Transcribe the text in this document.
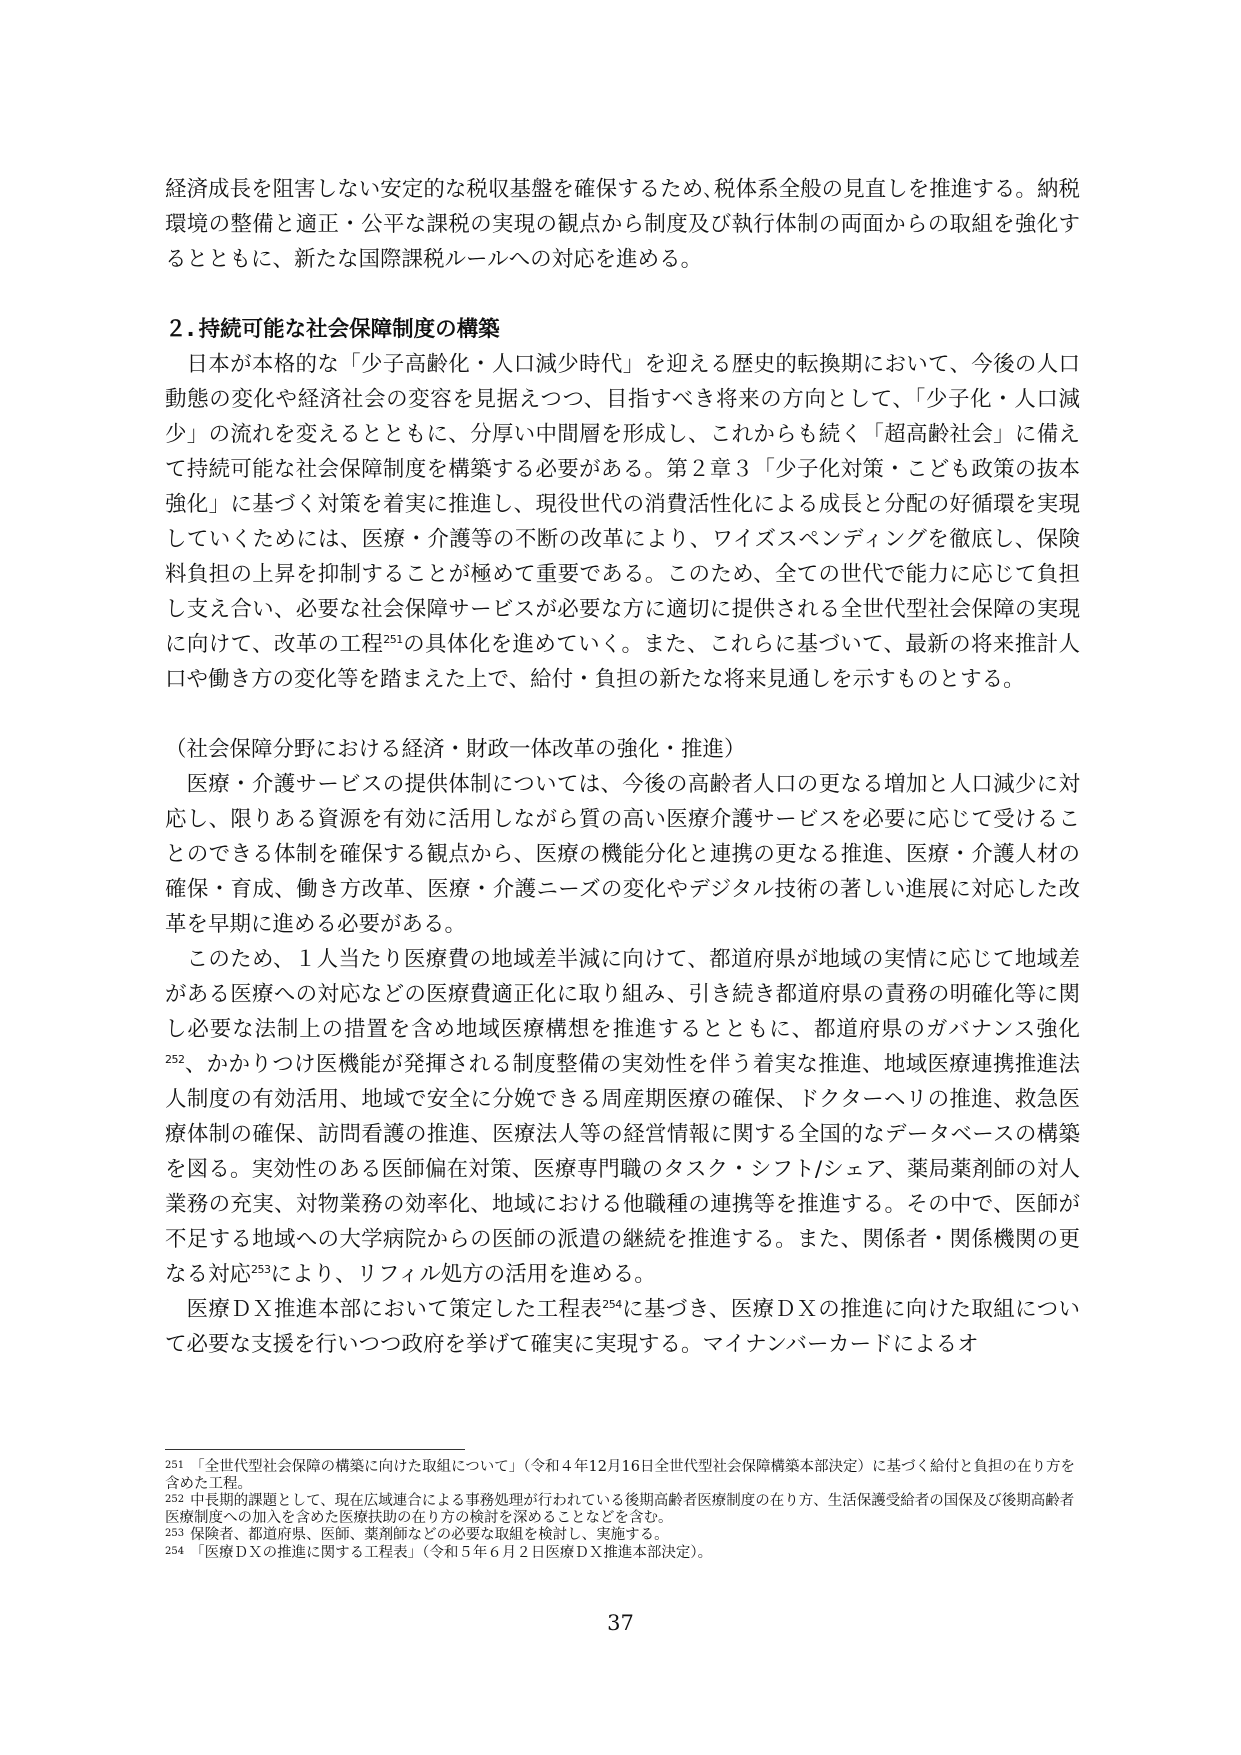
経済成長を阻害しない安定的な税収基盤を確保するため､税体系全般の見直しを推進する。納税環境の整備と適正・公平な課税の実現の観点から制度及び執行体制の両面からの取組を強化するとともに、新たな国際課税ルールへの対応を進める。

２. 持続可能な社会保障制度の構築

日本が本格的な「少子高齢化・人口減少時代」を迎える歴史的転換期において、今後の人口動態の変化や経済社会の変容を見据えつつ、目指すべき将来の方向として、「少子化・人口減少」の流れを変えるとともに、分厚い中間層を形成し、これからも続く「超高齢社会」に備えて持続可能な社会保障制度を構築する必要がある。第２章３「少子化対策・こども政策の抜本強化」に基づく対策を着実に推進し、現役世代の消費活性化による成長と分配の好循環を実現していくためには、医療・介護等の不断の改革により、ワイズスペンディングを徹底し、保険料負担の上昇を抑制することが極めて重要である。このため、全ての世代で能力に応じて負担し支え合い、必要な社会保障サービスが必要な方に適切に提供される全世代型社会保障の実現に向けて、改革の工程$^{251}$の具体化を進めていく。また、これらに基づいて、最新の将来推計人口や働き方の変化等を踏まえた上で、給付・負担の新たな将来見通しを示すものとする。

（社会保障分野における経済・財政一体改革の強化・推進）

医療・介護サービスの提供体制については、今後の高齢者人口の更なる増加と人口減少に対応し、限りある資源を有効に活用しながら質の高い医療介護サービスを必要に応じて受けることのできる体制を確保する観点から、医療の機能分化と連携の更なる推進、医療・介護人材の確保・育成、働き方改革、医療・介護ニーズの変化やデジタル技術の著しい進展に対応した改革を早期に進める必要がある。

このため、１人当たり医療費の地域差半減に向けて、都道府県が地域の実情に応じて地域差がある医療への対応などの医療費適正化に取り組み、引き続き都道府県の責務の明確化等に関し必要な法制上の措置を含め地域医療構想を推進するとともに、都道府県のガバナンス強化$^{252}$、かかりつけ医機能が発揮される制度整備の実効性を伴う着実な推進、地域医療連携推進法人制度の有効活用、地域で安全に分娩できる周産期医療の確保、ドクターヘリの推進、救急医療体制の確保、訪問看護の推進、医療法人等の経営情報に関する全国的なデータベースの構築を図る。実効性のある医師偏在対策、医療専門職のタスク・シフト/シェア、薬局薬剤師の対人業務の充実、対物業務の効率化、地域における他職種の連携等を推進する。その中で、医師が不足する地域への大学病院からの医師の派遣の継続を推進する。また、関係者・関係機関の更なる対応$^{253}$により、リフィル処方の活用を進める。

医療ＤＸ推進本部において策定した工程表$^{254}$に基づき、医療ＤＸの推進に向けた取組について必要な支援を行いつつ政府を挙げて確実に実現する。マイナンバーカードによるオ

$^{251}$ 「全世代型社会保障の構築に向けた取組について」（令和４年12月16日全世代型社会保障構築本部決定）に基づく給付と負担の在り方を含めた工程。

$^{252}$ 中長期的課題として、現在広域連合による事務処理が行われている後期高齢者医療制度の在り方、生活保護受給者の国保及び後期高齢者医療制度への加入を含めた医療扶助の在り方の検討を深めることなどを含む。

$^{253}$ 保険者、都道府県、医師、薬剤師などの必要な取組を検討し、実施する。

$^{254}$ 「医療ＤＸの推進に関する工程表」（令和５年６月２日医療ＤＸ推進本部決定）。

37
